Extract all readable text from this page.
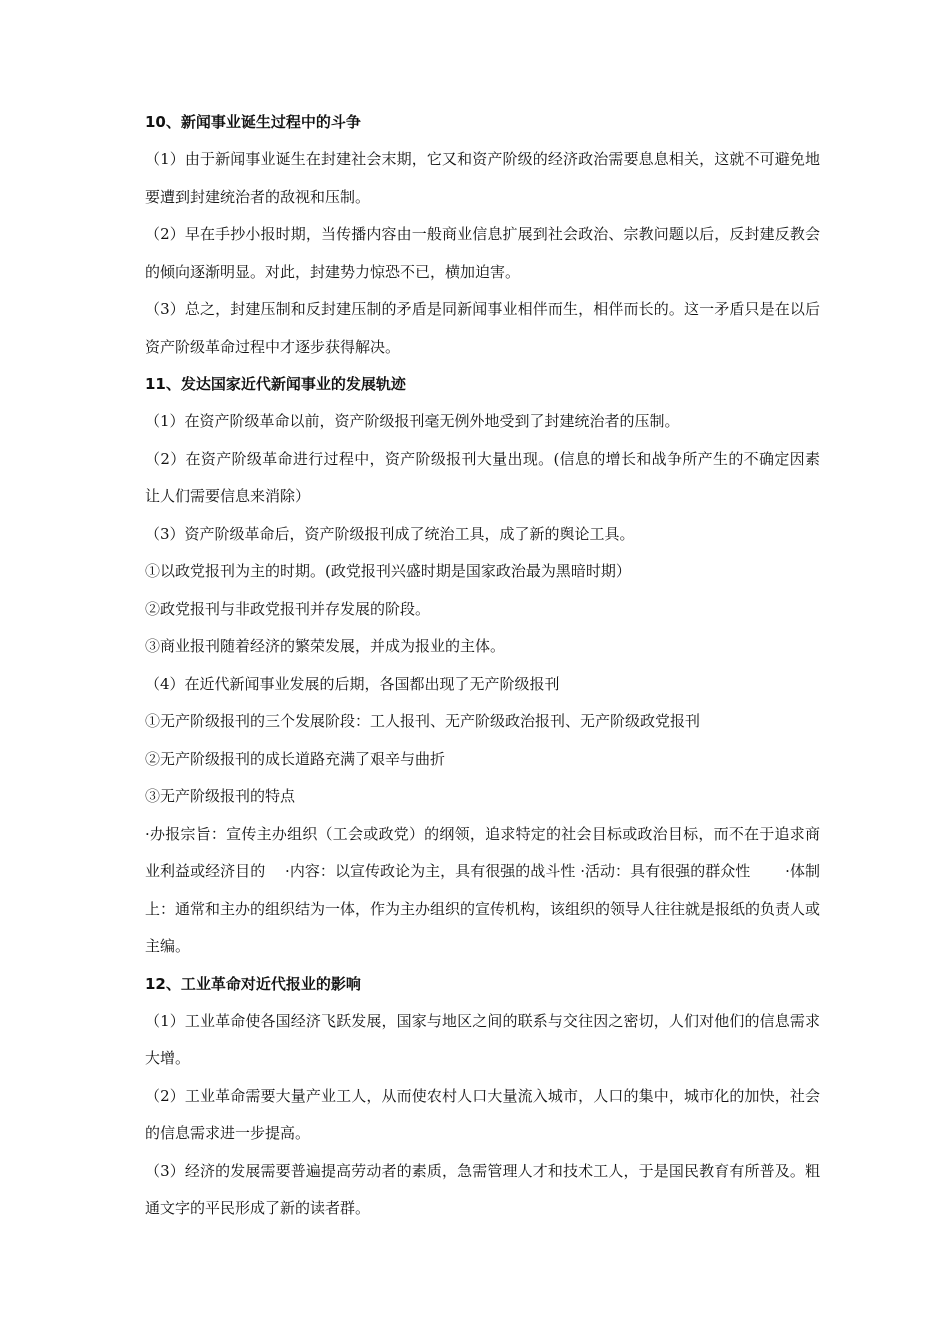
10、新闻事业诞生过程中的斗争

（1）由于新闻事业诞生在封建社会末期，它又和资产阶级的经济政治需要息息相关，这就不可避免地要遭到封建统治者的敌视和压制。

（2）早在手抄小报时期，当传播内容由一般商业信息扩展到社会政治、宗教问题以后，反封建反教会的倾向逐渐明显。对此，封建势力惊恐不已，横加迫害。

（3）总之，封建压制和反封建压制的矛盾是同新闻事业相伴而生，相伴而长的。这一矛盾只是在以后资产阶级革命过程中才逐步获得解决。

11、发达国家近代新闻事业的发展轨迹

（1）在资产阶级革命以前，资产阶级报刊毫无例外地受到了封建统治者的压制。

（2）在资产阶级革命进行过程中，资产阶级报刊大量出现。(信息的增长和战争所产生的不确定因素让人们需要信息来消除）

（3）资产阶级革命后，资产阶级报刊成了统治工具，成了新的舆论工具。

①以政党报刊为主的时期。(政党报刊兴盛时期是国家政治最为黑暗时期）

②政党报刊与非政党报刊并存发展的阶段。

③商业报刊随着经济的繁荣发展，并成为报业的主体。

（4）在近代新闻事业发展的后期，各国都出现了无产阶级报刊

①无产阶级报刊的三个发展阶段：工人报刊、无产阶级政治报刊、无产阶级政党报刊

②无产阶级报刊的成长道路充满了艰辛与曲折

③无产阶级报刊的特点

·办报宗旨：宣传主办组织（工会或政党）的纲领，追求特定的社会目标或政治目标，而不在于追求商业利益或经济目的　 ·内容：以宣传政论为主，具有很强的战斗性 ·活动：具有很强的群众性　　 ·体制上：通常和主办的组织结为一体，作为主办组织的宣传机构，该组织的领导人往往就是报纸的负责人或主编。

12、工业革命对近代报业的影响

（1）工业革命使各国经济飞跃发展，国家与地区之间的联系与交往因之密切，人们对他们的信息需求大增。

（2）工业革命需要大量产业工人，从而使农村人口大量流入城市，人口的集中，城市化的加快，社会的信息需求进一步提高。

（3）经济的发展需要普遍提高劳动者的素质，急需管理人才和技术工人，于是国民教育有所普及。粗通文字的平民形成了新的读者群。
